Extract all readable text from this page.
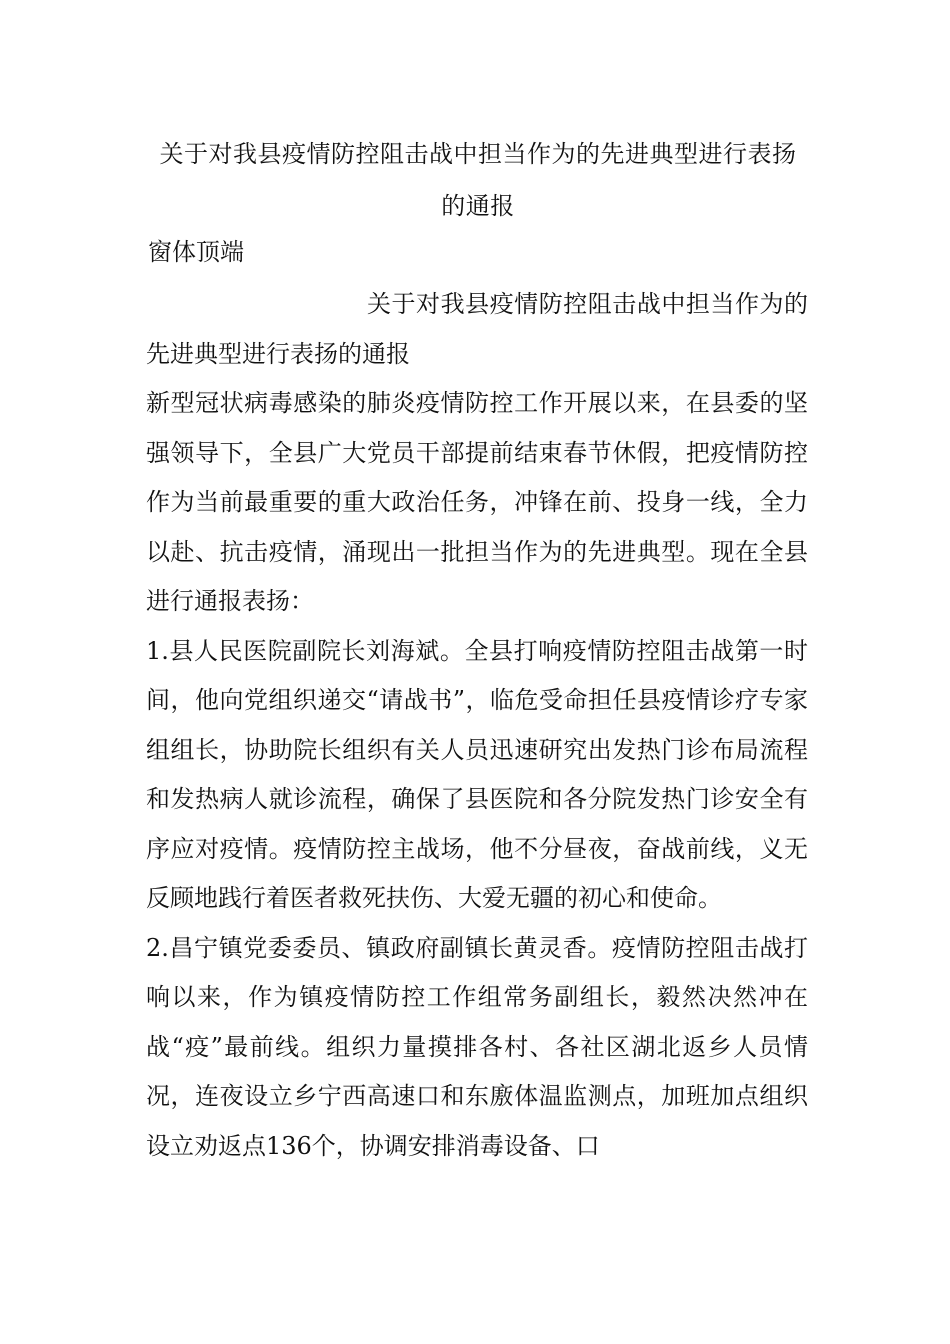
关于对我县疫情防控阻击战中担当作为的先进典型进行表扬的通报

窗体顶端

关于对我县疫情防控阻击战中担当作为的先进典型进行表扬的通报

新型冠状病毒感染的肺炎疫情防控工作开展以来，在县委的坚强领导下，全县广大党员干部提前结束春节休假，把疫情防控作为当前最重要的重大政治任务，冲锋在前、投身一线，全力以赴、抗击疫情，涌现出一批担当作为的先进典型。现在全县进行通报表扬：

1.县人民医院副院长刘海斌。全县打响疫情防控阻击战第一时间，他向党组织递交“请战书”，临危受命担任县疫情诊疗专家组组长，协助院长组织有关人员迅速研究出发热门诊布局流程和发热病人就诊流程，确保了县医院和各分院发热门诊安全有序应对疫情。疫情防控主战场，他不分昼夜，奋战前线，义无反顾地践行着医者救死扶伤、大爱无疆的初心和使命。

2.昌宁镇党委委员、镇政府副镇长黄灵香。疫情防控阻击战打响以来，作为镇疫情防控工作组常务副组长，毅然决然冲在战“疫”最前线。组织力量摸排各村、各社区湖北返乡人员情况，连夜设立乡宁西高速口和东廒体温监测点，加班加点组织设立劝返点136个，协调安排消毒设备、口
